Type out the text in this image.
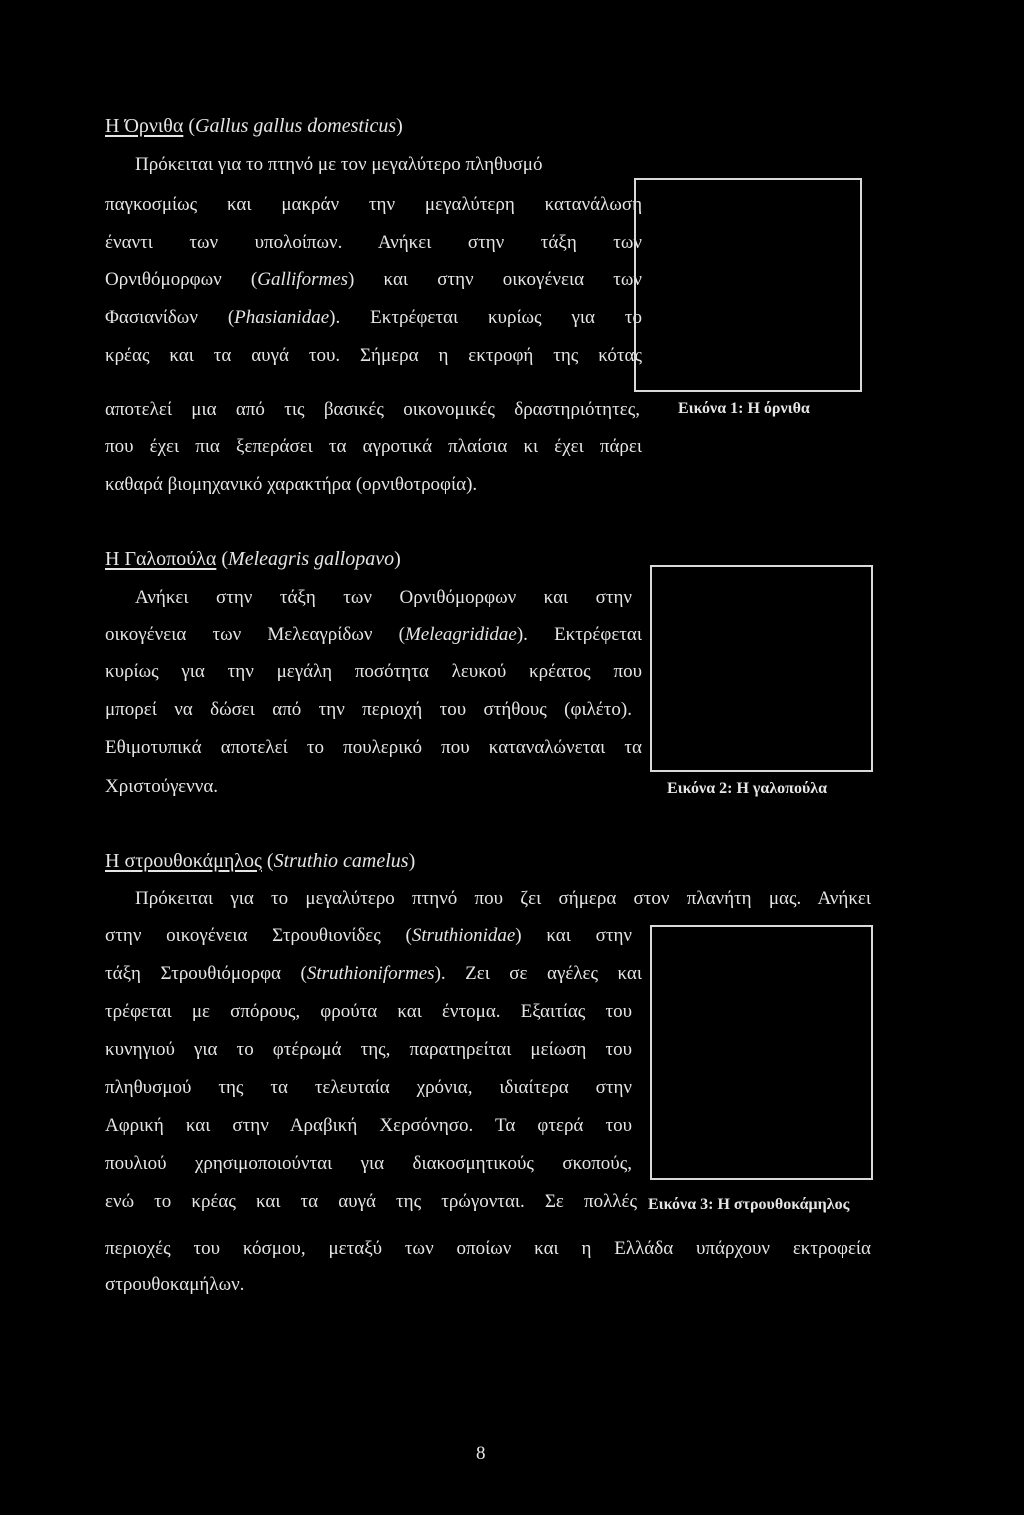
Η Όρνιθα (Gallus gallus domesticus)

Πρόκειται για το πτηνό με τον μεγαλύτερο πληθυσμό

παγκοσμίως και μακράν την μεγαλύτερη κατανάλωση

έναντι των υπολοίπων. Ανήκει στην τάξη των

Ορνιθόμορφων (Galliformes) και στην οικογένεια των

Φασιανίδων (Phasianidae). Εκτρέφεται κυρίως για το

κρέας και τα αυγά του. Σήμερα η εκτροφή της κότας

αποτελεί μια από τις βασικές οικονομικές δραστηριότητες,

που έχει πια ξεπεράσει τα αγροτικά πλαίσια κι έχει πάρει

καθαρά βιομηχανικό χαρακτήρα (ορνιθοτροφία).

Εικόνα 1: Η όρνιθα

Η Γαλοπούλα (Meleagris gallopavo)

Ανήκει στην τάξη των Ορνιθόμορφων και στην

οικογένεια των Μελεαγρίδων (Meleagrididae). Εκτρέφεται

κυρίως για την μεγάλη ποσότητα λευκού κρέατος που

μπορεί να δώσει από την περιοχή του στήθους (φιλέτο).

Εθιμοτυπικά αποτελεί το πουλερικό που καταναλώνεται τα

Χριστούγεννα.	Εικόνα 2: Η γαλοπούλα

Η στρουθοκάμηλος (Struthio camelus)

Πρόκειται για το μεγαλύτερο πτηνό που ζει σήμερα στον πλανήτη μας. Ανήκει

στην οικογένεια Στρουθιονίδες (Struthionidae) και στην

τάξη Στρουθιόμορφα (Struthioniformes). Ζει σε αγέλες και

τρέφεται με σπόρους, φρούτα και έντομα. Εξαιτίας του

κυνηγιού για το φτέρωμά της, παρατηρείται μείωση του

πληθυσμού της τα τελευταία χρόνια, ιδιαίτερα στην

Αφρική και στην Αραβική Χερσόνησο. Τα φτερά του

πουλιού χρησιμοποιούνται για διακοσμητικούς σκοπούς,

ενώ το κρέας και τα αυγά της τρώγονται. Σε πολλές

περιοχές του κόσμου, μεταξύ των οποίων και η Ελλάδα υπάρχουν εκτροφεία

στρουθοκαμήλων.

Εικόνα 3: Η στρουθοκάμηλος
8
